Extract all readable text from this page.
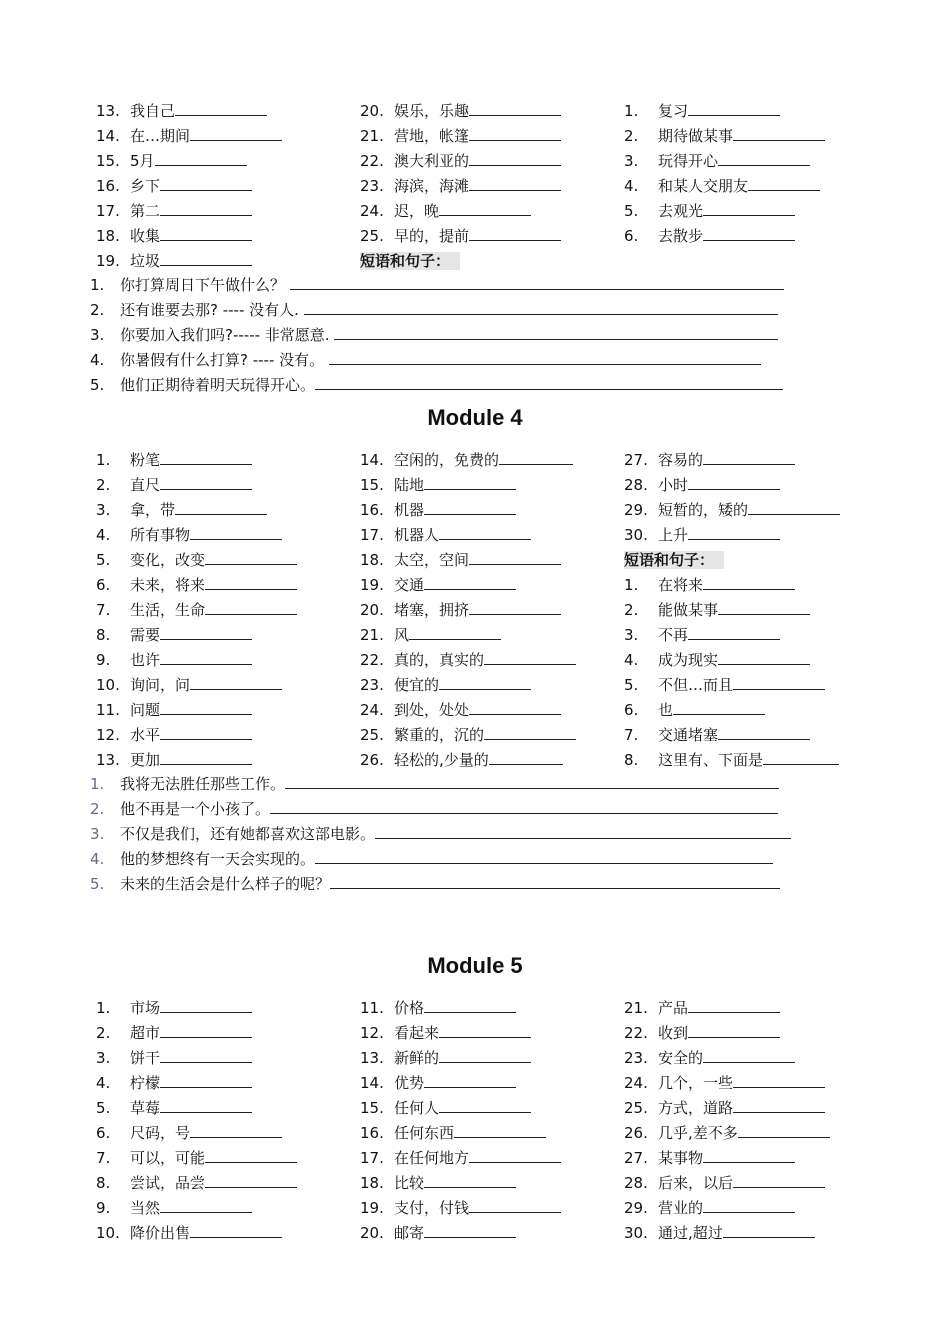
13. 我自己
14. 在…期间
15. 5月
16. 乡下
17. 第二
18. 收集
19. 垃圾
20. 娱乐，乐趣
21. 营地，帐篷
22. 澳大利亚的
23. 海滨，海滩
24. 迟，晚
25. 早的，提前
短语和句子：
1. 复习
2. 期待做某事
3. 玩得开心
4. 和某人交朋友
5. 去观光
6. 去散步
1. 你打算周日下午做什么？
2. 还有谁要去那? ---- 没有人.
3. 你要加入我们吗?----- 非常愿意.
4. 你暑假有什么打算? ---- 没有。
5. 他们正期待着明天玩得开心。
Module 4
1. 粉笔
2. 直尺
3. 拿，带
4. 所有事物
5. 变化，改变
6. 未来，将来
7. 生活，生命
8. 需要
9. 也许
10. 询问，问
11. 问题
12. 水平
13. 更加
14. 空闲的，免费的
15. 陆地
16. 机器
17. 机器人
18. 太空，空间
19. 交通
20. 堵塞，拥挤
21. 风
22. 真的，真实的
23. 便宜的
24. 到处，处处
25. 繁重的，沉的
26. 轻松的,少量的
27. 容易的
28. 小时
29. 短暂的，矮的
30. 上升
短语和句子：
1. 在将来
2. 能做某事
3. 不再
4. 成为现实
5. 不但…而且
6. 也
7. 交通堵塞
8. 这里有、下面是
1. 我将无法胜任那些工作。
2. 他不再是一个小孩了。
3. 不仅是我们，还有她都喜欢这部电影。
4. 他的梦想终有一天会实现的。
5. 未来的生活会是什么样子的呢？
Module 5
1. 市场
2. 超市
3. 饼干
4. 柠檬
5. 草莓
6. 尺码，号
7. 可以，可能
8. 尝试，品尝
9. 当然
10. 降价出售
11. 价格
12. 看起来
13. 新鲜的
14. 优势
15. 任何人
16. 任何东西
17. 在任何地方
18. 比较
19. 支付，付钱
20. 邮寄
21. 产品
22. 收到
23. 安全的
24. 几个，一些
25. 方式，道路
26. 几乎,差不多
27. 某事物
28. 后来，以后
29. 营业的
30. 通过,超过
